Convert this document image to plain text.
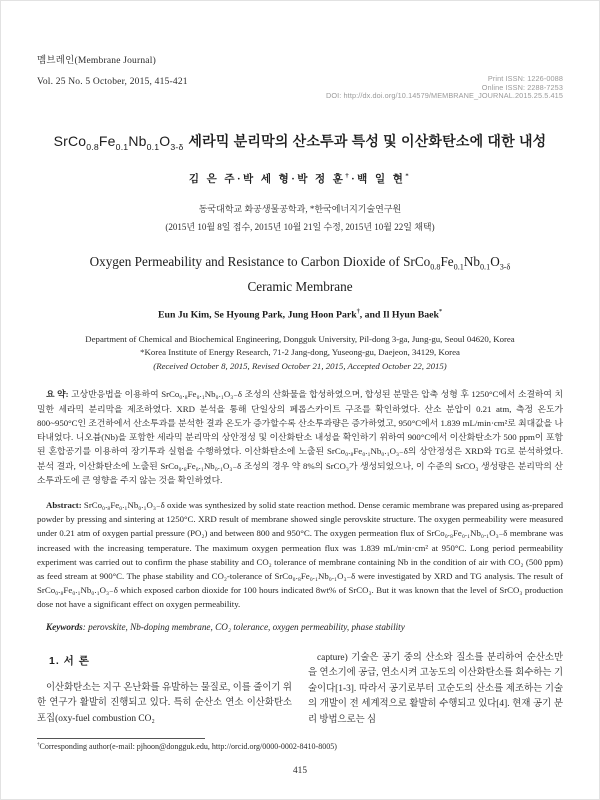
멤브레인(Membrane Journal)
Vol. 25 No. 5 October, 2015, 415-421	Print ISSN: 1226-0088
Online ISSN: 2288-7253
DOI: http://dx.doi.org/10.14579/MEMBRANE_JOURNAL.2015.25.5.415
$SrCo_{0.8}Fe_{0.1}Nb_{0.1}O_{3-\delta}$ 세라믹 분리막의 산소투과 특성 및 이산화탄소에 대한 내성
김 은 주·박 세 형·박 정 훈†·백 일 현*
동국대학교 화공생물공학과, *한국에너지기술연구원
(2015년 10월 8일 접수, 2015년 10월 21일 수정, 2015년 10월 22일 채택)
Oxygen Permeability and Resistance to Carbon Dioxide of $SrCo_{0.8}Fe_{0.1}Nb_{0.1}O_{3-\delta}$
Ceramic Membrane
Eun Ju Kim, Se Hyoung Park, Jung Hoon Park†, and Il Hyun Baek*
Department of Chemical and Biochemical Engineering, Dongguk University, Pil-dong 3-ga, Jung-gu, Seoul 04620, Korea
*Korea Institute of Energy Research, 71-2 Jang-dong, Yuseong-gu, Daejeon, 34129, Korea
(Received October 8, 2015, Revised October 21, 2015, Accepted October 22, 2015)

요 약: 고상반응법을 이용하여 SrCo₀.₈Fe₀.₁Nb₀.₁O₃₋δ 조성의 산화물을 합성하였으며, 합성된 분말은 압축 성형 후 1250°C에서 소결하여 치밀한 세라믹 분리막을 제조하였다. XRD 분석을 통해 단일상의 페롭스카이트 구조를 확인하였다. 산소 분압이 0.21 atm, 측정 온도가 800~950°C인 조건하에서 산소투과를 분석한 결과 온도가 증가할수록 산소투과량은 증가하였고, 950°C에서 1.839 mL/min·cm²로 최대값을 나타내었다. 니오븀(Nb)을 포함한 세라믹 분리막의 상안정성 및 이산화탄소 내성을 확인하기 위하여 900°C에서 이산화탄소가 500 ppm이 포함된 혼합공기를 이용하여 장기투과 실험을 수행하였다. 이산화탄소에 노출된 SrCo₀.₈Fe₀.₁Nb₀.₁O₃₋δ의 상안정성은 XRD와 TG로 분석하였다. 분석 결과, 이산화탄소에 노출된 SrCo₀.₈Fe₀.₁Nb₀.₁O₃₋δ 조성의 경우 약 8%의 SrCO₃가 생성되었으나, 이 수준의 SrCO₃ 생성량은 분리막의 산소투과도에 큰 영향을 주지 않는 것을 확인하였다.

Abstract: SrCo₀.₈Fe₀.₁Nb₀.₁O₃₋δ oxide was synthesized by solid state reaction method. Dense ceramic membrane was prepared using as-prepared powder by pressing and sintering at 1250°C. XRD result of membrane showed single perovskite structure. The oxygen permeability were measured under 0.21 atm of oxygen partial pressure (PO₂) and between 800 and 950°C. The oxygen permeation flux of SrCo₀.₈Fe₀.₁Nb₀.₁O₃₋δ membrane was increased with the increasing temperature. The maximum oxygen permeation flux was 1.839 mL/min·cm² at 950°C. Long period permeability experiment was carried out to confirm the phase stability and CO₂ tolerance of membrane containing Nb in the condition of air with CO₂ (500 ppm) as feed stream at 900°C. The phase stability and CO₂-tolerance of SrCo₀.₈Fe₀.₁Nb₀.₁O₃₋δ were investigated by XRD and TG analysis. The result of SrCo₀.₈Fe₀.₁Nb₀.₁O₃₋δ which exposed carbon dioxide for 100 hours indicated 8wt% of SrCO₃. But it was known that the level of SrCO₃ production dose not have a significant effect on oxygen permeability.

Keywords: perovskite, Nb-doping membrane, CO₂ tolerance, oxygen permeability, phase stability

1. 서 론

이산화탄소는 지구 온난화를 유발하는 물질로, 이를 줄이기 위한 연구가 활발히 진행되고 있다. 특히 순산소 연소 이산화탄소 포집(oxy-fuel combustion CO₂

capture) 기술은 공기 중의 산소와 질소를 분리하여 순산소만을 연소기에 공급, 연소시켜 고농도의 이산화탄소를 회수하는 기술이다[1-3]. 따라서 공기로부터 고순도의 산소를 제조하는 기술의 개발이 전 세계적으로 활발히 수행되고 있다[4]. 현재 공기 분리 방법으로는 심

†Corresponding author(e-mail: pjhoon@dongguk.edu, http://orcid.org/0000-0002-8410-8005)

415
